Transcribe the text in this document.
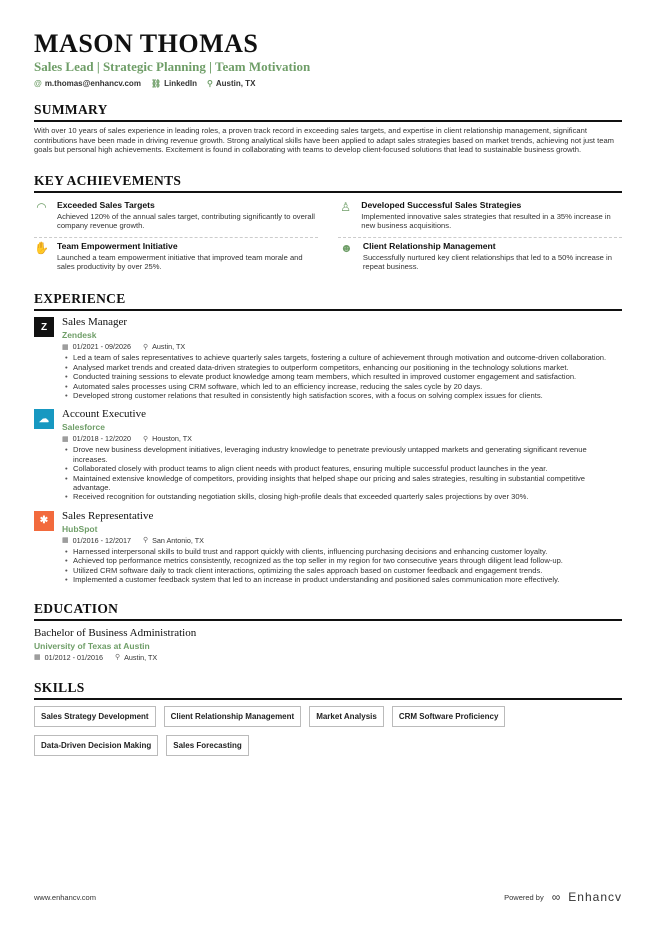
MASON THOMAS
Sales Lead | Strategic Planning | Team Motivation
@ m.thomas@enhancv.com ⛓ LinkedIn ⚲ Austin, TX
SUMMARY
With over 10 years of sales experience in leading roles, a proven track record in exceeding sales targets, and expertise in client relationship management, significant contributions have been made in driving revenue growth. Strong analytical skills have been applied to adapt sales strategies based on market trends, achieving not just team goals but personal high achievements. Excitement is found in collaborating with teams to develop client-focused solutions that lead to sustainable business growth.
KEY ACHIEVEMENTS
◠ Exceeded Sales Targets
Achieved 120% of the annual sales target, contributing significantly to overall company revenue growth.
♙ Developed Successful Sales Strategies
Implemented innovative sales strategies that resulted in a 35% increase in new business acquisitions.
✋ Team Empowerment Initiative
Launched a team empowerment initiative that improved team morale and sales productivity by over 25%.
☻ Client Relationship Management
Successfully nurtured key client relationships that led to a 50% increase in repeat business.
EXPERIENCE
Z	Sales Manager
Zendesk
▦ 01/2021 - 09/2026 ⚲ Austin, TX
• Led a team of sales representatives to achieve quarterly sales targets, fostering a culture of achievement through motivation and outcome-driven collaboration.
• Analysed market trends and created data-driven strategies to outperform competitors, enhancing our positioning in the technology solutions market.
• Conducted training sessions to elevate product knowledge among team members, which resulted in improved customer engagement and satisfaction.
• Automated sales processes using CRM software, which led to an efficiency increase, reducing the sales cycle by 20 days.
• Developed strong customer relations that resulted in consistently high satisfaction scores, with a focus on solving complex issues for clients.
☁	Account Executive
Salesforce
▦ 01/2018 - 12/2020 ⚲ Houston, TX
• Drove new business development initiatives, leveraging industry knowledge to penetrate previously untapped markets and generating significant revenue increases.
• Collaborated closely with product teams to align client needs with product features, ensuring multiple successful product launches in the year.
• Maintained extensive knowledge of competitors, providing insights that helped shape our pricing and sales strategies, resulting in substantial competitive advantage.
• Received recognition for outstanding negotiation skills, closing high-profile deals that exceeded quarterly sales projections by over 30%.
✱	Sales Representative
HubSpot
▦ 01/2016 - 12/2017 ⚲ San Antonio, TX
• Harnessed interpersonal skills to build trust and rapport quickly with clients, influencing purchasing decisions and enhancing customer loyalty.
• Achieved top performance metrics consistently, recognized as the top seller in my region for two consecutive years through diligent lead follow-up.
• Utilized CRM software daily to track client interactions, optimizing the sales approach based on customer feedback and engagement trends.
• Implemented a customer feedback system that led to an increase in product understanding and positioned sales communication more effectively.
EDUCATION
Bachelor of Business Administration
University of Texas at Austin
▦ 01/2012 - 01/2016 ⚲ Austin, TX
SKILLS
Sales Strategy Development	Client Relationship Management	Market Analysis	CRM Software Proficiency
Data-Driven Decision Making	Sales Forecasting
www.enhancv.com	Powered by ∞ Enhancv
